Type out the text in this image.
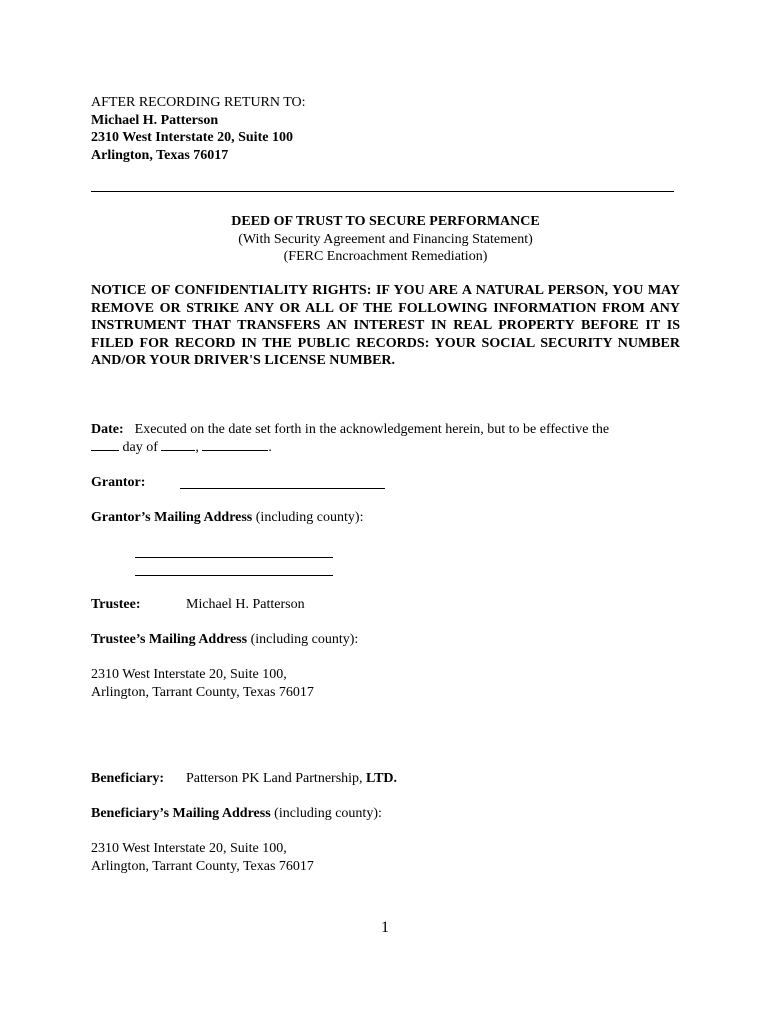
AFTER RECORDING RETURN TO:
Michael H. Patterson
2310 West Interstate 20, Suite 100
Arlington, Texas 76017
DEED OF TRUST TO SECURE PERFORMANCE
(With Security Agreement and Financing Statement)
(FERC Encroachment Remediation)
NOTICE OF CONFIDENTIALITY RIGHTS: IF YOU ARE A NATURAL PERSON, YOU MAY REMOVE OR STRIKE ANY OR ALL OF THE FOLLOWING INFORMATION FROM ANY INSTRUMENT THAT TRANSFERS AN INTEREST IN REAL PROPERTY BEFORE IT IS FILED FOR RECORD IN THE PUBLIC RECORDS: YOUR SOCIAL SECURITY NUMBER AND/OR YOUR DRIVER'S LICENSE NUMBER.
Date: Executed on the date set forth in the acknowledgement herein, but to be effective the
day of	,	.
Grantor:
Grantor’s Mailing Address (including county):
Trustee:	Michael H. Patterson
Trustee’s Mailing Address (including county):
2310 West Interstate 20, Suite 100,
Arlington, Tarrant County, Texas 76017
Beneficiary: Patterson PK Land Partnership, LTD.
Beneficiary’s Mailing Address (including county):
2310 West Interstate 20, Suite 100,
Arlington, Tarrant County, Texas 76017
1
